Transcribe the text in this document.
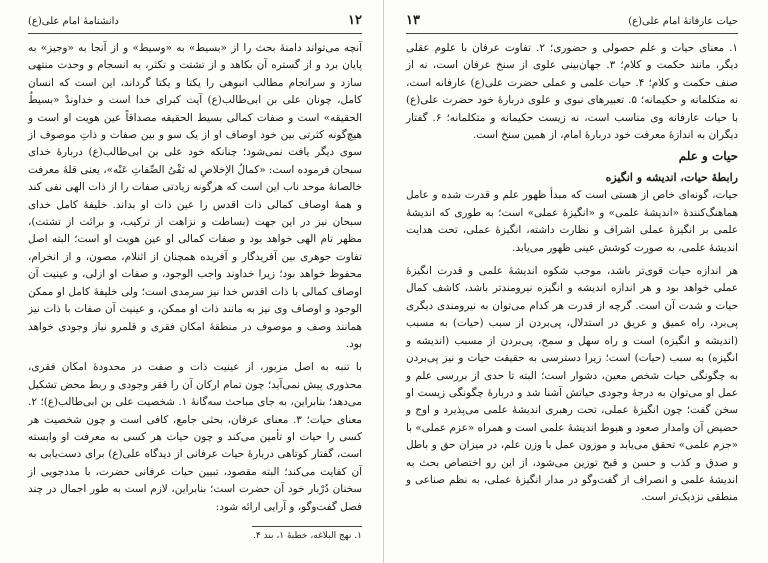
۱۲
دانشنامهٔ امام علی(ع)

آنچه می‌تواند دامنهٔ بحث را از «بسیط» به «وسیط» و از آنجا به «وجیز» به پایان برد و از گستره آن بکاهد و از تشتت و تکثر، به انسجام و وحدت منتهی سازد و سرانجام مطالب انبوهی را یکتا و یکتا گرداند، این است که انسان کامل، چونان علی بن ابی‌طالب(ع) آیت کبرای خدا است و خداوندْ «بسیطُ الحقیقه» است و صفات کمالی بسیط الحقیقه مصداقاً عین هویت او است و هیچ‌گونه کثرتی بین خود اوصاف او از یک سو و بین صفات و ذاتِ موصوف از سوی دیگر یافت نمی‌شود؛ چنانکه خود علی بن ابی‌طالب(ع) دربارهٔ خدای سبحان فرموده است: «کمالُ الإخلاصِ له نَفْیُ الصِّفاتِ عَنْه»، یعنی قلهٔ معرفت خالصانهٔ موحد ناب این است که هرگونه زیادتی صفات را از ذات الهی نفی کند و همهٔ اوصاف کمالی ذات اقدس را عین ذات او بداند. خلیفهٔ کامل خدای سبحان نیز در این جهت (بساطت و نزاهت از ترکیب، و برائت از تشتت)، مظهر تام الهی خواهد بود و صفات کمالی او عین هویت او است؛ البته اصل تفاوت جوهری بین آفریدگار و آفریده همچنان از اثنلام، مصون، و از انخرام، محفوظ خواهد بود؛ زیرا خداوند واجب الوجود، و صفات او ازلی، و عینیت آن اوصاف کمالی با ذات اقدس خدا نیز سرمدی است؛ ولی خلیفهٔ کامل او ممکن الوجود و اوصاف وی نیز به مانند ذات او ممکن، و عینیت آن صفات با ذات نیز همانند وصف و موصوف در منطقهٔ امکان فقری و قلمرو نیاز وجودی خواهد بود.

با تنبه به اصل مزبور، از عینیت ذات و صفت در محدودهٔ امکان فقری، محذوری پیش نمی‌آید؛ چون تمام ارکان آن را فقر وجودی و ربط محض تشکیل می‌دهد؛ بنابراین، به جای مباحث سه‌گانهٔ ۱. شخصیت علی بن ابی‌طالب(ع)؛ ۲. معنای حیات؛ ۳. معنای عرفان، بحثی جامع، کافی است و چون شخصیت هر کسی را حیات او تأمین می‌کند و چون حیات هر کسی به معرفت او وابسته است، گفتار کوتاهی دربارهٔ حیات عرفانی از دیدگاه علی(ع) برای دست‌یابی به آن کفایت می‌کند؛ البته مقصود، تبیین حیات عرفانی حضرت، با مددجویی از سخنان دُرْبار خود آن حضرت است؛ بنابراین، لازم است به طور اجمال در چند فصل گفت‌وگو، و آرایی ارائه شود:

۱. نهج البلاغه، خطبهٔ ۱، بند ۴.
حیات عارفانهٔ امام علی(ع)
۱۳

۱. معنای حیات و علم حصولی و حضوری؛ ۲. تفاوت عرفان با علوم عقلی دیگر، مانند حکمت و کلام؛ ۳. جهان‌بینی علوی از سنخ عرفان است، نه از صنف حکمت و کلام؛ ۴. حیات علمی و عملی حضرت علی(ع) عارفانه است، نه متکلمانه و حکیمانه؛ ۵. تعبیرهای نبوی و علوی دربارهٔ خود حضرت علی(ع) با حیات عارفانه وی مناسب است، نه زیست حکیمانه و متکلمانه؛ ۶. گفتار دیگران به اندازهٔ معرفت خود دربارهٔ امام، از همین سنخ است.

حیات و علم
رابطهٔ حیات، اندیشه و انگیزه

حیات، گونه‌ای خاص از هستی است که مبدأ ظهور علم و قدرت شده و عامل هماهنگ‌کنندهٔ «اندیشهٔ علمی» و «انگیزهٔ عملی» است؛ به طوری که اندیشهٔ علمی بر انگیزهٔ عملی اشراف و نظارت داشته، انگیزهٔ عملی، تحت هدایت اندیشهٔ علمی، به صورت کوشش عینی ظهور می‌یابد.

هر اندازه حیات قوی‌تر باشد، موجب شکوه اندیشهٔ علمی و قدرت انگیزهٔ عملی خواهد بود و هر اندازه اندیشه و انگیزه نیرومندتر باشد، کاشف کمال حیات و شدت آن است. گرچه از قدرت هر کدام می‌توان به نیرومندی دیگری پی‌برد، راه عمیق و عریق در استدلال، پی‌بردن از سبب (حیات) به مسبب (اندیشه و انگیزه) است و راه سهل و سمح، پی‌بردن از مسبب (اندیشه و انگیزه) به سبب (حیات) است؛ زیرا دسترسی به حقیقت حیات و نیز پی‌بردن به چگونگی حیات شخص معین، دشوار است؛ البته تا حدی از بررسی علم و عمل او می‌توان به درجهٔ وجودی حیاتش آشنا شد و دربارهٔ چگونگی زیست او سخن گفت؛ چون انگیزهٔ عملی، تحت رهبری اندیشهٔ علمی می‌پذیرد و اوج و حضیض آن وامدار صعود و هبوط اندیشهٔ علمی است و همراه «عزم عملی» با «جزم علمی» تحقق می‌یابد و موزون عمل با وزن علم، در میزان حق و باطل و صدق و کذب و حسن و قبح توزین می‌شود، از این رو اختصاص بحث به اندیشهٔ علمی و انصراف از گفت‌وگو در مدار انگیزهٔ عملی، به نظم صناعی و منطقی نزدیک‌تر است.
